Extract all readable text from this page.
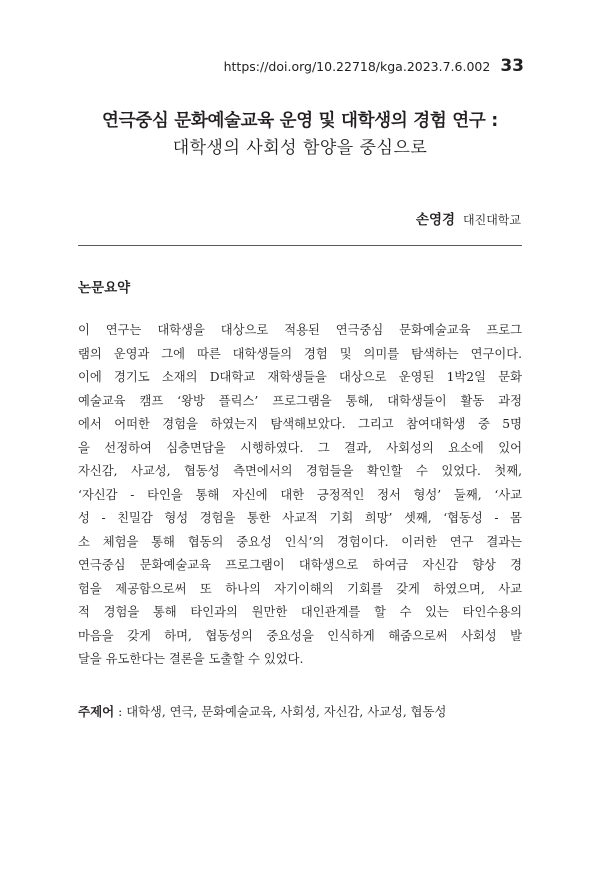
https://doi.org/10.22718/kga.2023.7.6.002 33
연극중심 문화예술교육 운영 및 대학생의 경험 연구 :
대학생의 사회성 함양을 중심으로
손영경 대진대학교
논문요약
이 연구는 대학생을 대상으로 적용된 연극중심 문화예술교육 프로그
램의 운영과 그에 따른 대학생들의 경험 및 의미를 탐색하는 연구이다.
이에 경기도 소재의 D대학교 재학생들을 대상으로 운영된 1박2일 문화
예술교육 캠프 ‘왕방 플릭스’ 프로그램을 통해, 대학생들이 활동 과정
에서 어떠한 경험을 하였는지 탐색해보았다. 그리고 참여대학생 중 5명
을 선정하여 심층면담을 시행하였다. 그 결과, 사회성의 요소에 있어
자신감, 사교성, 협동성 측면에서의 경험들을 확인할 수 있었다. 첫째,
‘자신감 - 타인을 통해 자신에 대한 긍정적인 정서 형성’ 둘째, ‘사교
성 - 친밀감 형성 경험을 통한 사교적 기회 희망’ 셋째, ‘협동성 - 몸
소 체험을 통해 협동의 중요성 인식’의 경험이다. 이러한 연구 결과는
연극중심 문화예술교육 프로그램이 대학생으로 하여금 자신감 향상 경
험을 제공함으로써 또 하나의 자기이해의 기회를 갖게 하였으며, 사교
적 경험을 통해 타인과의 원만한 대인관계를 할 수 있는 타인수용의
마음을 갖게 하며, 협동성의 중요성을 인식하게 해줌으로써 사회성 발
달을 유도한다는 결론을 도출할 수 있었다.
주제어 : 대학생, 연극, 문화예술교육, 사회성, 자신감, 사교성, 협동성
